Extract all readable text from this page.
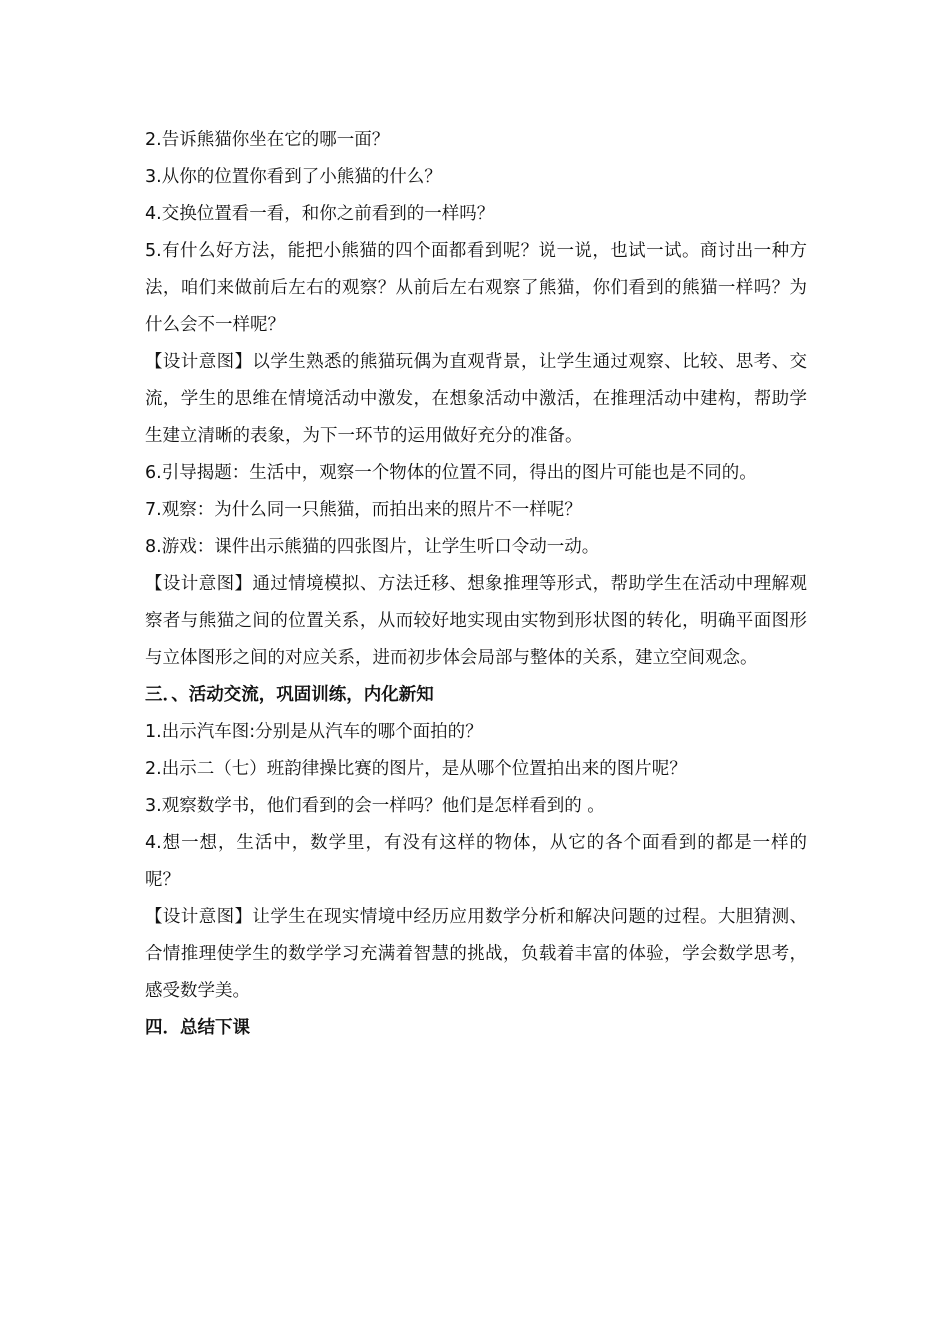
2.告诉熊猫你坐在它的哪一面？

3.从你的位置你看到了小熊猫的什么？

4.交换位置看一看，和你之前看到的一样吗？

5.有什么好方法，能把小熊猫的四个面都看到呢？说一说，也试一试。商讨出一种方法，咱们来做前后左右的观察？从前后左右观察了熊猫，你们看到的熊猫一样吗？为什么会不一样呢？

【设计意图】以学生熟悉的熊猫玩偶为直观背景，让学生通过观察、比较、思考、交流，学生的思维在情境活动中激发，在想象活动中激活，在推理活动中建构，帮助学生建立清晰的表象，为下一环节的运用做好充分的准备。

6.引导揭题：生活中，观察一个物体的位置不同，得出的图片可能也是不同的。

7.观察：为什么同一只熊猫，而拍出来的照片不一样呢？

8.游戏：课件出示熊猫的四张图片，让学生听口令动一动。

【设计意图】通过情境模拟、方法迁移、想象推理等形式，帮助学生在活动中理解观察者与熊猫之间的位置关系，从而较好地实现由实物到形状图的转化，明确平面图形与立体图形之间的对应关系，进而初步体会局部与整体的关系，建立空间观念。

三．、活动交流，巩固训练，内化新知

1.出示汽车图:分别是从汽车的哪个面拍的？

2.出示二（七）班韵律操比赛的图片，是从哪个位置拍出来的图片呢？

3.观察数学书，他们看到的会一样吗？他们是怎样看到的 。

4.想一想，生活中，数学里，有没有这样的物体，从它的各个面看到的都是一样的呢？

【设计意图】让学生在现实情境中经历应用数学分析和解决问题的过程。大胆猜测、合情推理使学生的数学学习充满着智慧的挑战，负载着丰富的体验，学会数学思考，感受数学美。

四．总结下课
